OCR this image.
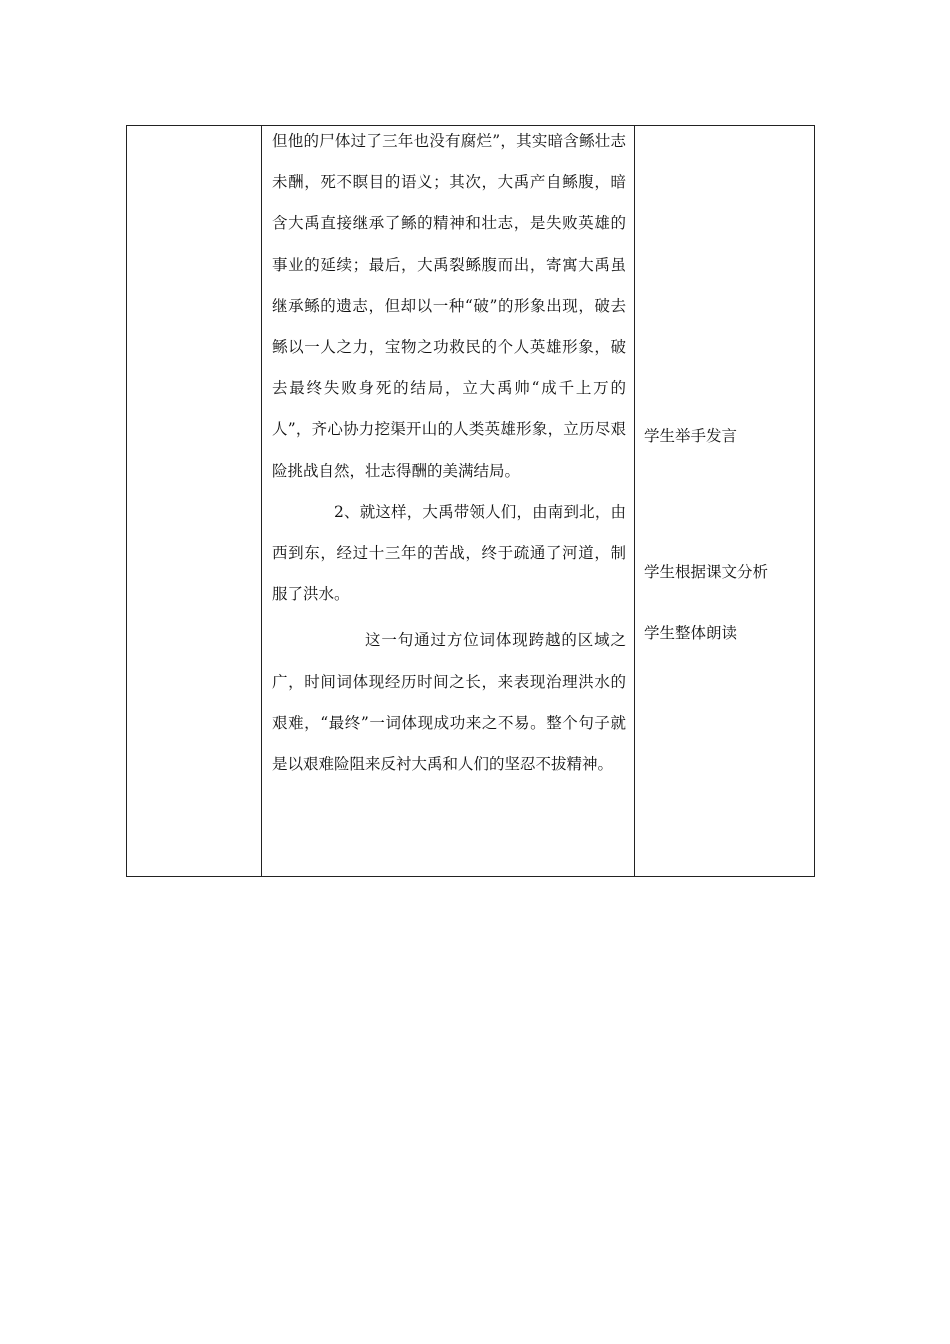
但他的尸体过了三年也没有腐烂”，其实暗含鲧壮志未酬，死不瞑目的语义；其次，大禹产自鲧腹，暗含大禹直接继承了鲧的精神和壮志，是失败英雄的事业的延续；最后，大禹裂鲧腹而出，寄寓大禹虽继承鲧的遗志，但却以一种“破”的形象出现，破去鲧以一人之力，宝物之功救民的个人英雄形象，破去最终失败身死的结局，立大禹帅“成千上万的人”，齐心协力挖渠开山的人类英雄形象，立历尽艰险挑战自然，壮志得酬的美满结局。

2、就这样，大禹带领人们，由南到北，由西到东，经过十三年的苦战，终于疏通了河道，制服了洪水。

这一句通过方位词体现跨越的区域之广，时间词体现经历时间之长，来表现治理洪水的艰难，“最终”一词体现成功来之不易。整个句子就是以艰难险阻来反衬大禹和人们的坚忍不拔精神。

学生举手发言

学生根据课文分析

学生整体朗读
